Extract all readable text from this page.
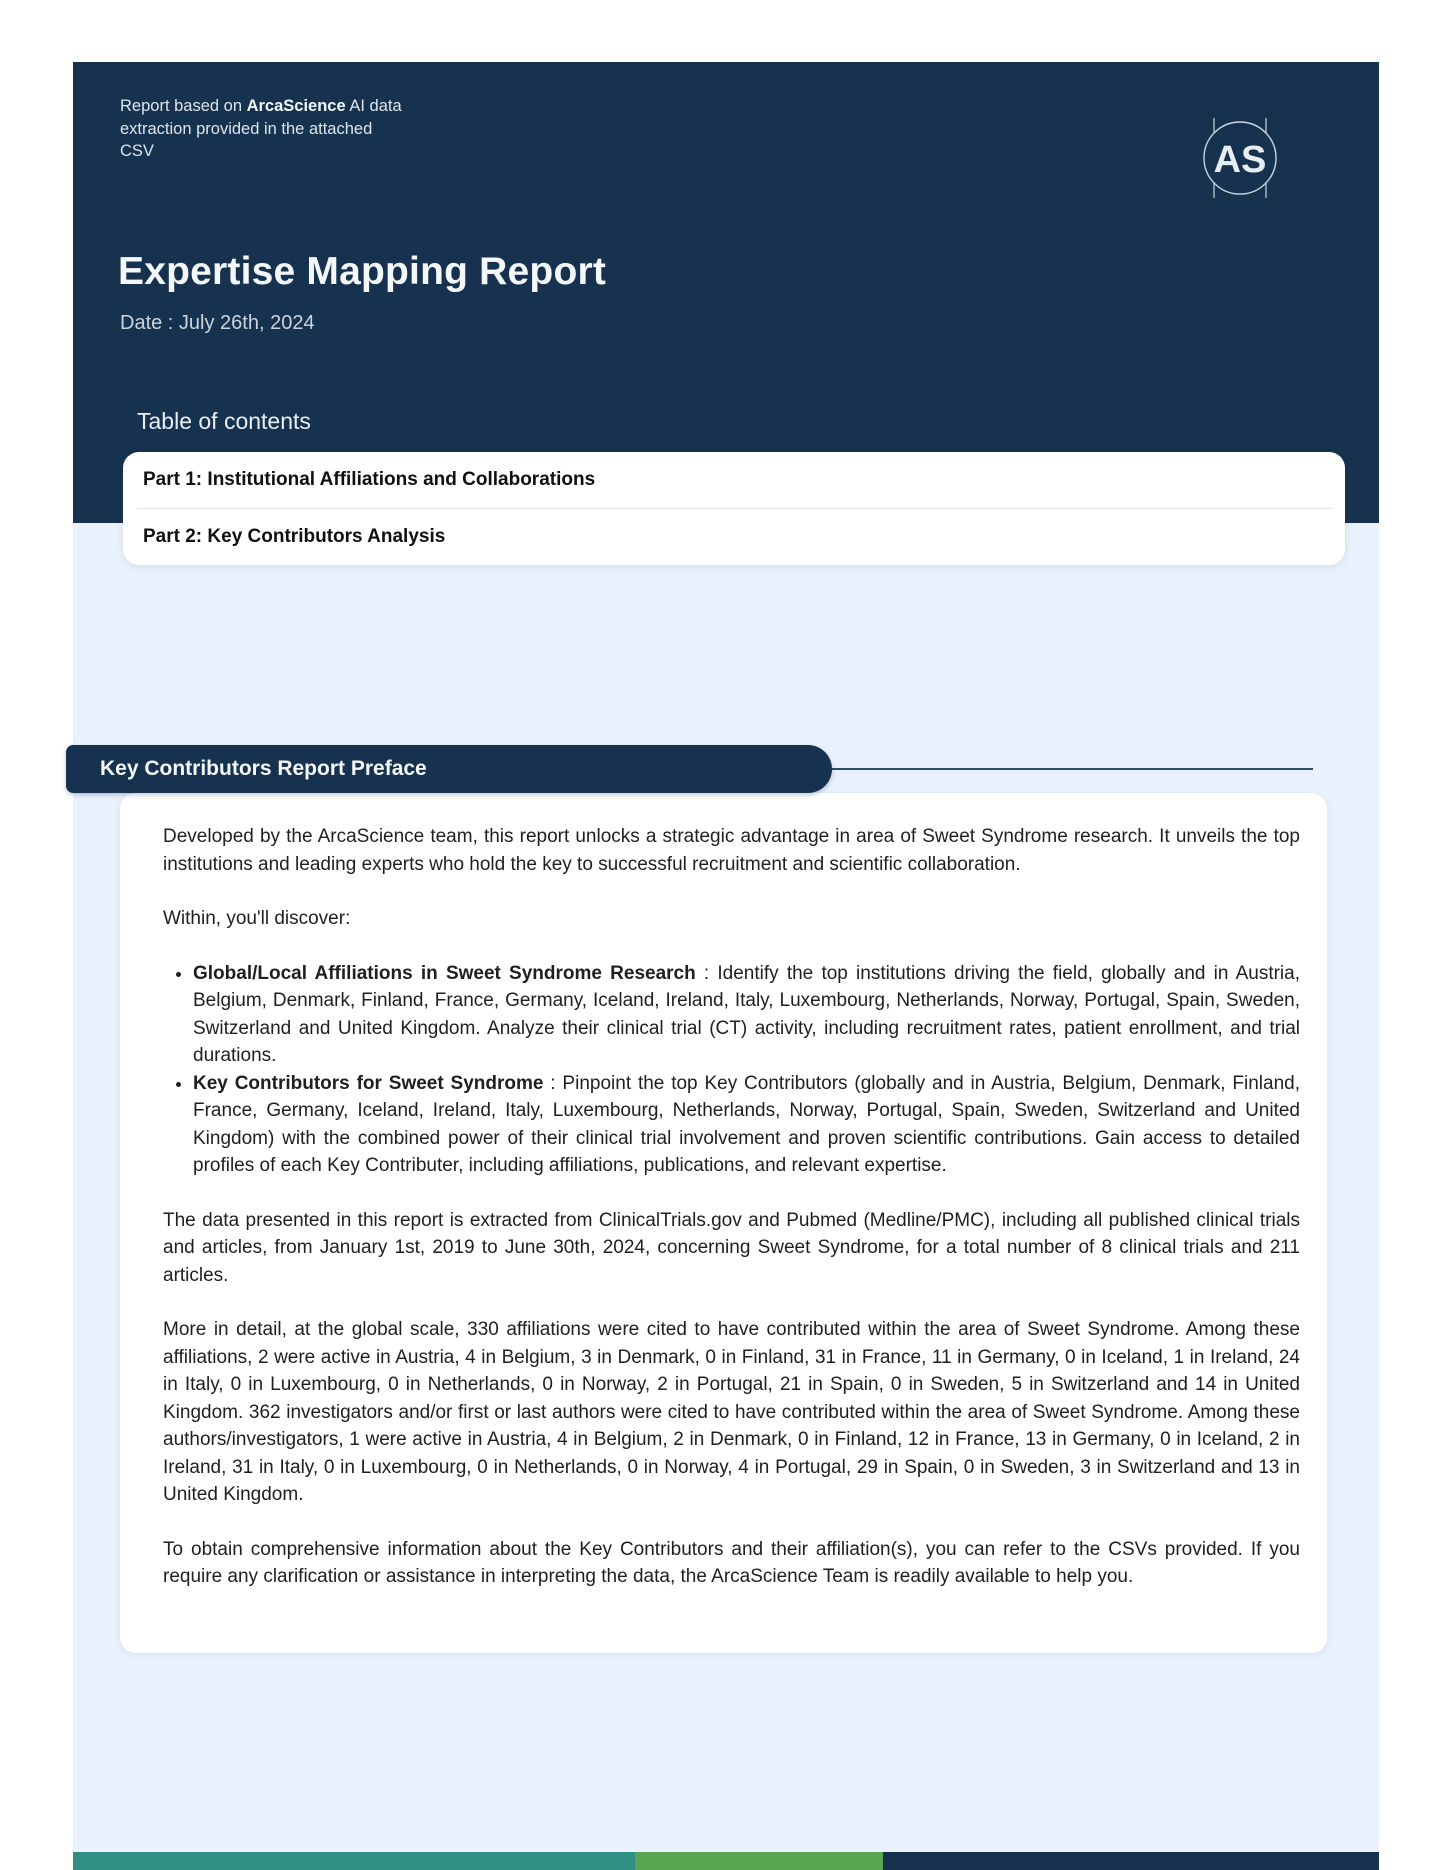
Report based on ArcaScience AI data extraction provided in the attached CSV	AS
Expertise Mapping Report
Date : July 26th, 2024
Table of contents
Part 1: Institutional Affiliations and Collaborations
Part 2: Key Contributors Analysis
Key Contributors Report Preface

Developed by the ArcaScience team, this report unlocks a strategic advantage in area of Sweet Syndrome research. It unveils the top institutions and leading experts who hold the key to successful recruitment and scientific collaboration.

Within, you'll discover:

• Global/Local Affiliations in Sweet Syndrome Research : Identify the top institutions driving the field, globally and in Austria, Belgium, Denmark, Finland, France, Germany, Iceland, Ireland, Italy, Luxembourg, Netherlands, Norway, Portugal, Spain, Sweden, Switzerland and United Kingdom. Analyze their clinical trial (CT) activity, including recruitment rates, patient enrollment, and trial durations.
• Key Contributors for Sweet Syndrome : Pinpoint the top Key Contributors (globally and in Austria, Belgium, Denmark, Finland, France, Germany, Iceland, Ireland, Italy, Luxembourg, Netherlands, Norway, Portugal, Spain, Sweden, Switzerland and United Kingdom) with the combined power of their clinical trial involvement and proven scientific contributions. Gain access to detailed profiles of each Key Contributer, including affiliations, publications, and relevant expertise.

The data presented in this report is extracted from ClinicalTrials.gov and Pubmed (Medline/PMC), including all published clinical trials and articles, from January 1st, 2019 to June 30th, 2024, concerning Sweet Syndrome, for a total number of 8 clinical trials and 211 articles.

More in detail, at the global scale, 330 affiliations were cited to have contributed within the area of Sweet Syndrome. Among these affiliations, 2 were active in Austria, 4 in Belgium, 3 in Denmark, 0 in Finland, 31 in France, 11 in Germany, 0 in Iceland, 1 in Ireland, 24 in Italy, 0 in Luxembourg, 0 in Netherlands, 0 in Norway, 2 in Portugal, 21 in Spain, 0 in Sweden, 5 in Switzerland and 14 in United Kingdom. 362 investigators and/or first or last authors were cited to have contributed within the area of Sweet Syndrome. Among these authors/investigators, 1 were active in Austria, 4 in Belgium, 2 in Denmark, 0 in Finland, 12 in France, 13 in Germany, 0 in Iceland, 2 in Ireland, 31 in Italy, 0 in Luxembourg, 0 in Netherlands, 0 in Norway, 4 in Portugal, 29 in Spain, 0 in Sweden, 3 in Switzerland and 13 in United Kingdom.

To obtain comprehensive information about the Key Contributors and their affiliation(s), you can refer to the CSVs provided. If you require any clarification or assistance in interpreting the data, the ArcaScience Team is readily available to help you.
